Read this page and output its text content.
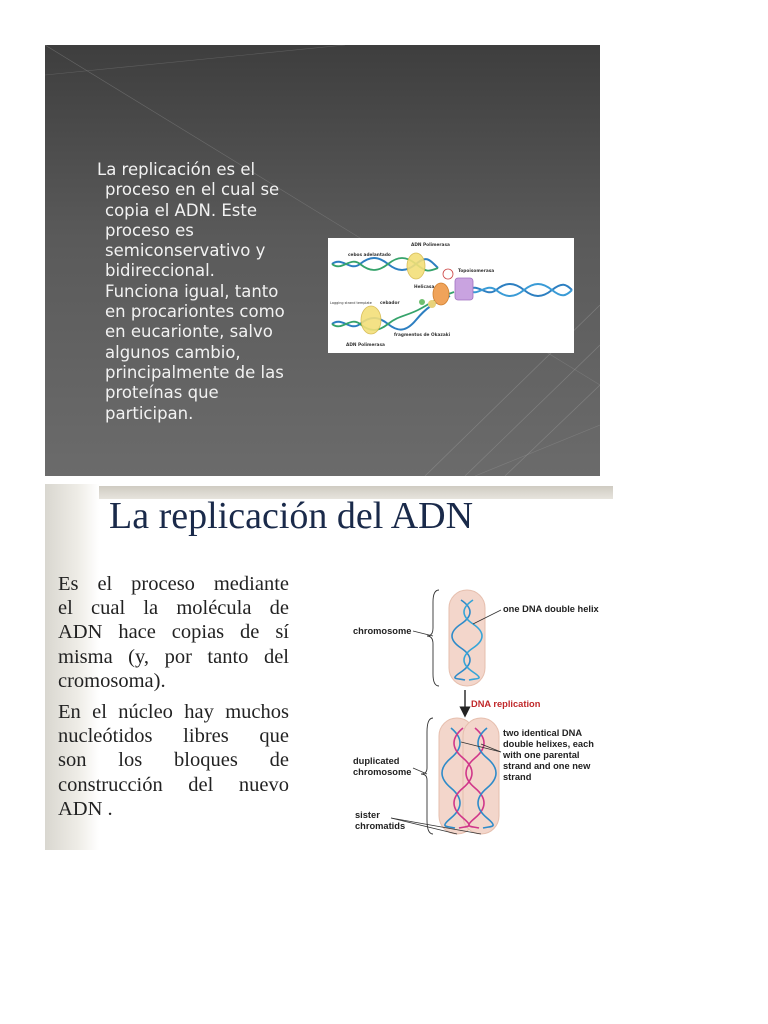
La replicación es el
proceso en el cual se
copia el ADN. Este
proceso es
semiconservativo y
bidireccional.
Funciona igual, tanto
en procariontes como
en eucarionte, salvo
algunos cambio,
principalmente de las
proteínas que
participan.
ADN Polimerasa
cebos adelantado
Topoisomerasa
Helicasa
Lagging strand template cebador
ADN Polimerasa
fragmentos de Okazaki
La replicación del ADN

Es el proceso mediante
el cual la molécula de
ADN hace copias de sí
misma (y, por tanto del
cromosoma).

En el núcleo hay muchos
nucleótidos libres que
son los bloques de
construcción del nuevo
ADN .

chromosome
one DNA double helix
DNA replication
duplicated
chromosome
two identical DNA
double helixes, each
with one parental
strand and one new
strand
sister
chromatids
